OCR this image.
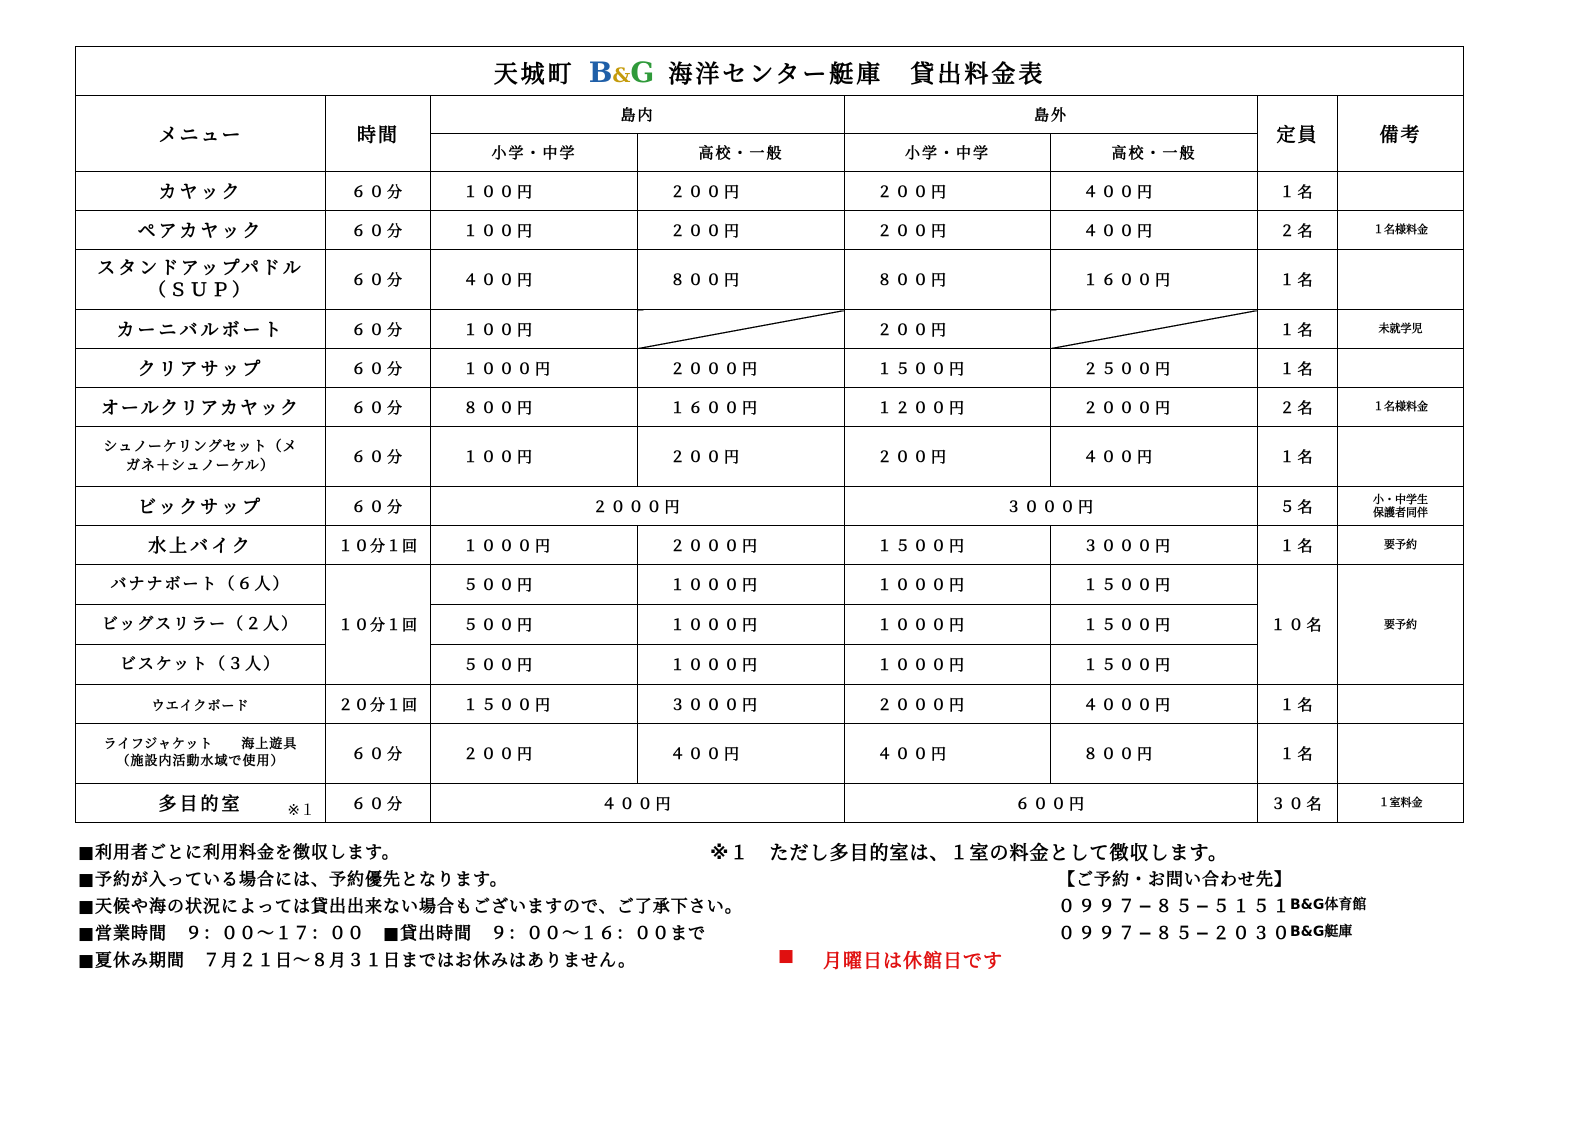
天城町 B&G 海洋センター艇庫　貸出料金表							
メニュー	時間	島内		島外		定員	備考
		小学・中学	高校・一般	小学・中学	高校・一般		
カヤック	６０分	１００円	２００円	２００円	４００円	１名	
ペアカヤック	６０分	１００円	２００円	２００円	４００円	２名	１名様料金

スタンドアップパドル
（ＳＵＰ）	６０分	４００円	８００円	８００円	１６００円	１名	
カーニバルボート	６０分	１００円		２００円		１名	未就学児
クリアサップ	６０分	１０００円	２０００円	１５００円	２５００円	１名	
オールクリアカヤック	６０分	８００円	１６００円	１２００円	２０００円	２名	１名様料金

シュノーケリングセット（メ
ガネ＋シュノーケル）	６０分	１００円	２００円	２００円	４００円	１名	
ビックサップ	６０分	２０００円		３０００円		５名	小・中学生
保護者同伴

水上バイク	１０分１回	１０００円	２０００円	１５００円	３０００円	１名	要予約
バナナボート（６人）	１０分１回	５００円	１０００円	１０００円	１５００円	１０名	要予約
ビッグスリラー（２人）		５００円	１０００円	１０００円	１５００円		
ビスケット（３人）		５００円	１０００円	１０００円	１５００円		
ウエイクボード	２０分１回	１５００円	３０００円	２０００円	４０００円	１名	

ライフジャケット　　海上遊具
（施設内活動水域で使用）	６０分	２００円	４００円	４００円	８００円	１名	
多目的室 ※１	６０分	４００円		６００円		３０名	１室料金
■利用者ごとに利用料金を徴収します。	※１　ただし多目的室は、１室の料金として徴収します。
■予約が入っている場合には、予約優先となります。	【ご予約・お問い合わせ先】
■天候や海の状況によっては貸出出来ない場合もございますので、ご了承下さい。	０９９７−８５−５１５１
B&G体育館
■営業時間　９：００〜１７：００　■貸出時間　９：００〜１６：００まで	０９９７−８５−２０３０
B&G艇庫
■夏休み期間　７月２１日〜８月３１日まではお休みはありません。	■ 月曜日は休館日です
